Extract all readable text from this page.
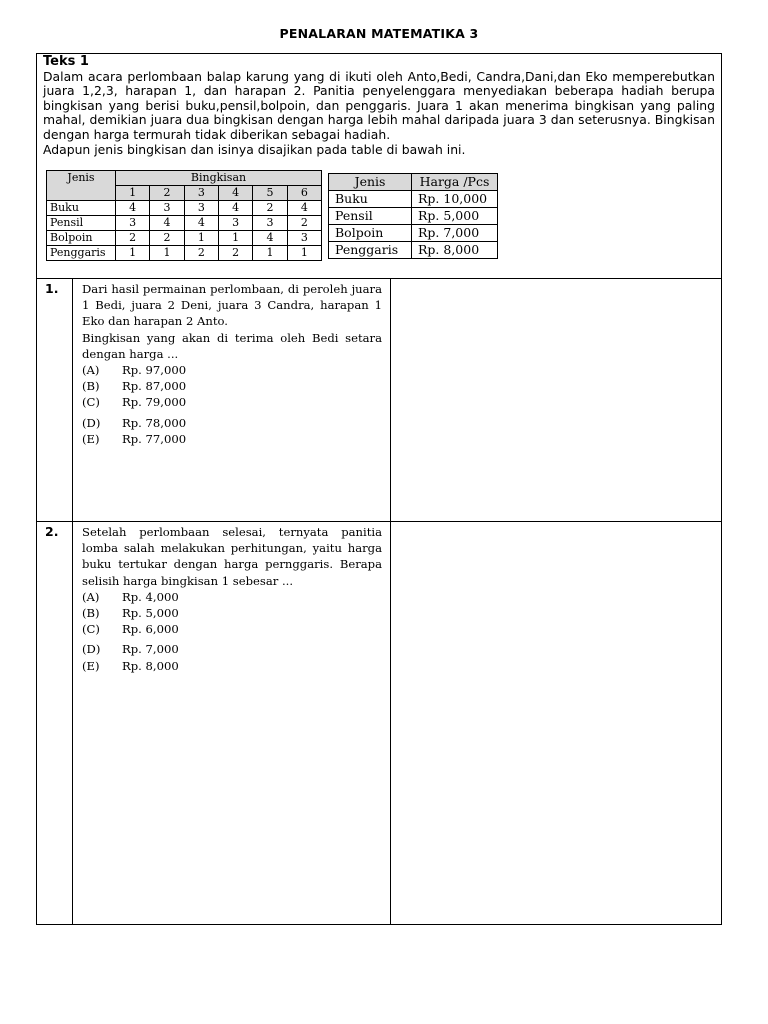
PENALARAN MATEMATIKA 3
Teks 1
Dalam acara perlombaan balap karung yang di ikuti oleh Anto,Bedi, Candra,Dani,dan Eko memperebutkan juara 1,2,3, harapan 1, dan harapan 2. Panitia penyelenggara menyediakan beberapa hadiah berupa bingkisan yang berisi buku,pensil,bolpoin, dan penggaris. Juara 1 akan menerima bingkisan yang paling mahal, demikian juara dua bingkisan dengan harga lebih mahal daripada juara 3 dan seterusnya. Bingkisan dengan harga termurah tidak diberikan sebagai hadiah.
Adapun jenis bingkisan dan isinya disajikan pada table di bawah ini.
Jenis	Bingkisan					
	1	2	3	4	5	6
Buku	4	3	3	4	2	4
Pensil	3	4	4	3	3	2
Bolpoin	2	2	1	1	4	3
Penggaris	1	1	2	2	1	1
Jenis	Harga /Pcs
Buku	Rp. 10,000
Pensil	Rp. 5,000
Bolpoin	Rp. 7,000
Penggaris	Rp. 8,000
1.	Dari hasil permainan perlombaan, di peroleh juara 1 Bedi, juara 2 Deni, juara 3 Candra, harapan 1 Eko dan harapan 2 Anto.
Bingkisan yang akan di terima oleh Bedi setara dengan harga ...
(A)	Rp. 97,000
(B)	Rp. 87,000
(C)	Rp. 79,000
(D)	Rp. 78,000
(E)	Rp. 77,000
2.	Setelah perlombaan selesai, ternyata panitia lomba salah melakukan perhitungan, yaitu harga buku tertukar dengan harga pernggaris. Berapa selisih harga bingkisan 1 sebesar ...
(A)	Rp. 4,000
(B)	Rp. 5,000
(C)	Rp. 6,000
(D)	Rp. 7,000
(E)	Rp. 8,000
